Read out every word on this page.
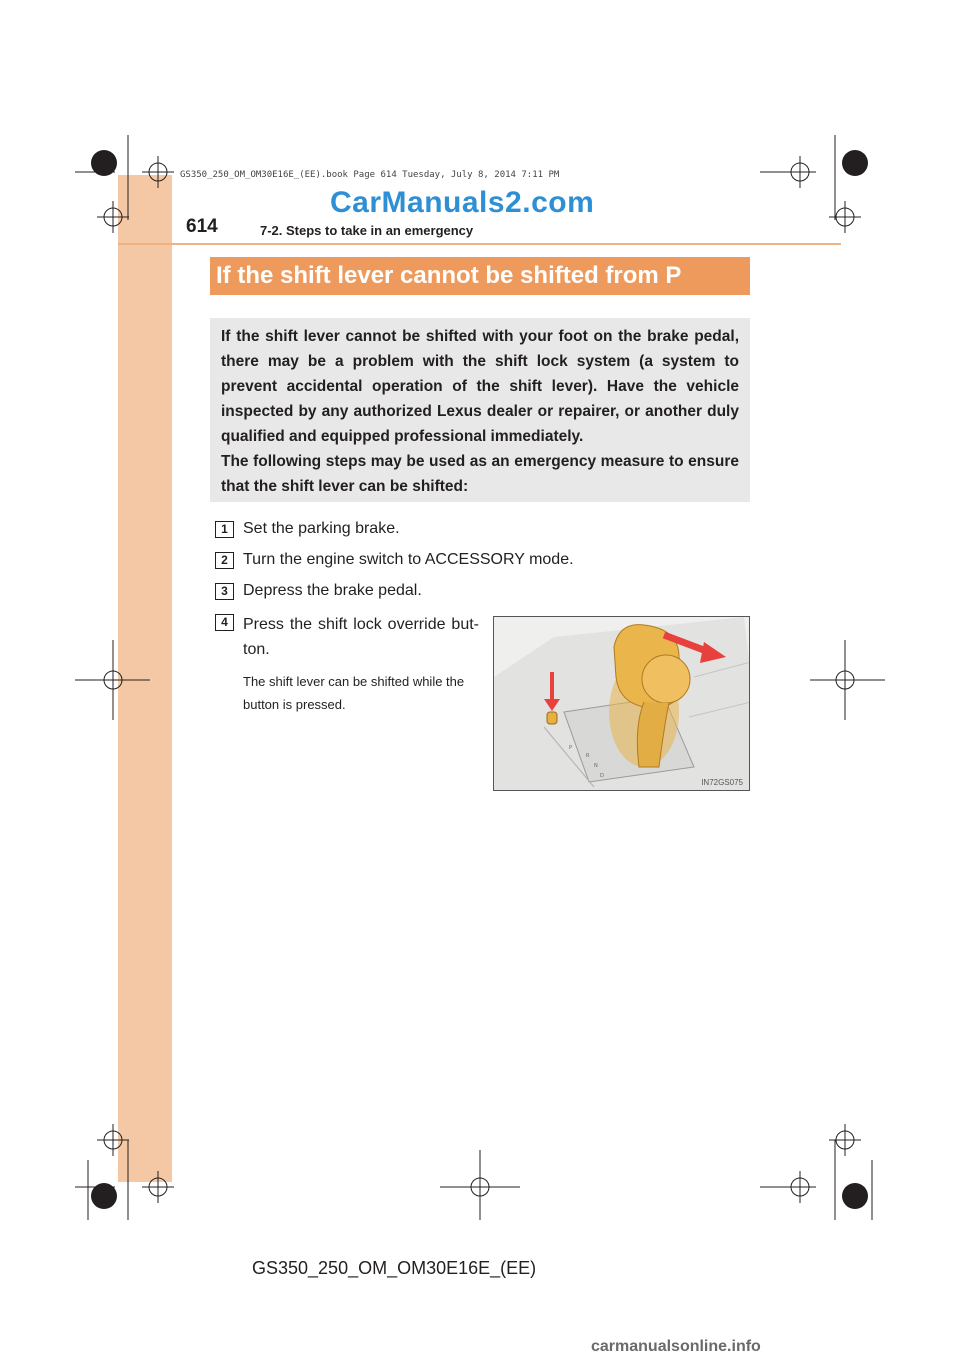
GS350_250_OM_OM30E16E_(EE).book Page 614 Tuesday, July 8, 2014 7:11 PM
CarManuals2.com
614	7-2. Steps to take in an emergency
If the shift lever cannot be shifted from P
If the shift lever cannot be shifted with your foot on the brake pedal, there may be a problem with the shift lock system (a system to prevent accidental operation of the shift lever). Have the vehicle inspected by any authorized Lexus dealer or repairer, or another duly qualified and equipped professional immediately.
The following steps may be used as an emergency measure to ensure that the shift lever can be shifted:
1 Set the parking brake.
2 Turn the engine switch to ACCESSORY mode.
3 Depress the brake pedal.
4 Press the shift lock override but-ton.
The shift lever can be shifted while the button is pressed.
P
R
N
D
IN72GS075
GS350_250_OM_OM30E16E_(EE)
carmanualsonline.info
